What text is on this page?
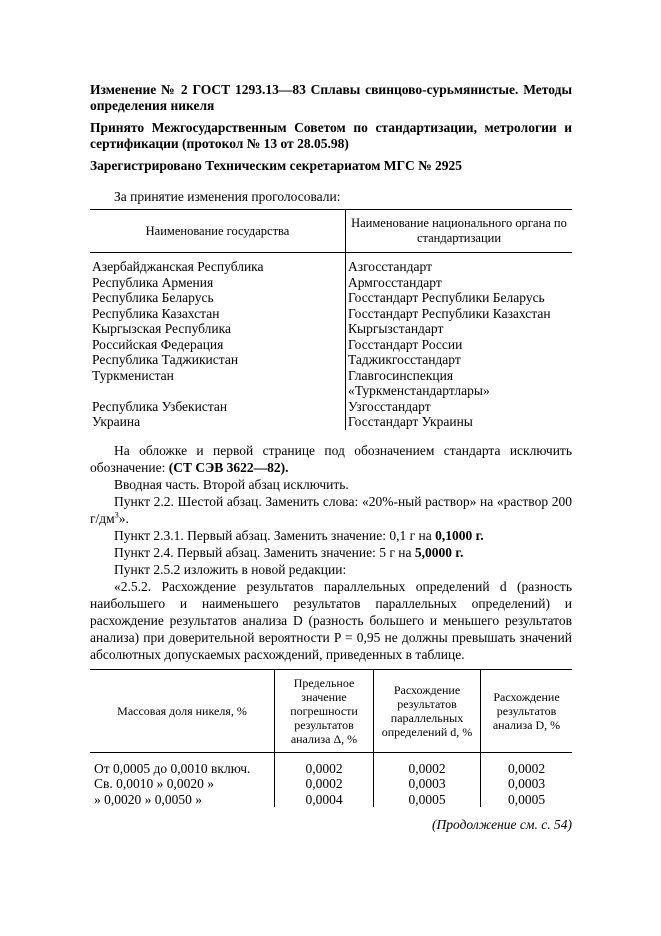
Изменение № 2 ГОСТ 1293.13—83 Сплавы свинцово-сурьмянистые. Методы определения никеля

Принято Межгосударственным Советом по стандартизации, метрологии и сертификации (протокол № 13 от 28.05.98)

Зарегистрировано Техническим секретариатом МГС № 2925

За принятие изменения проголосовали:

Наименование государства	Наименование национального органа по стандартизации
Азербайджанская Республика	Азгосстандарт
Республика Армения	Армгосстандарт
Республика Беларусь	Госстандарт Республики Беларусь
Республика Казахстан	Госстандарт Республики Казахстан
Кыргызская Республика	Кыргызстандарт
Российская Федерация	Госстандарт России
Республика Таджикистан	Таджикгосстандарт
Туркменистан	Главгосинспекция «Туркменстандартлары»
Республика Узбекистан	Узгосстандарт
Украина	Госстандарт Украины

На обложке и первой странице под обозначением стандарта исключить обозначение: (СТ СЭВ 3622—82).

Вводная часть. Второй абзац исключить.

Пункт 2.2. Шестой абзац. Заменить слова: «20%-ный раствор» на «раствор 200 $г/дм^3$».

Пункт 2.3.1. Первый абзац. Заменить значение: 0,1 г на 0,1000 г.

Пункт 2.4. Первый абзац. Заменить значение: 5 г на 5,0000 г.

Пункт 2.5.2 изложить в новой редакции:

«2.5.2. Расхождение результатов параллельных определений d (разность наибольшего и наименьшего результатов параллельных определений) и расхождение результатов анализа D (разность большего и меньшего результатов анализа) при доверительной вероятности P = 0,95 не должны превышать значений абсолютных допускаемых расхождений, приведенных в таблице.

Массовая доля никеля, %	Предельное значение погрешности результатов анализа Δ, %	Расхождение результатов параллельных определений d, %	Расхождение результатов анализа D, %
От 0,0005 до 0,0010 включ.	0,0002	0,0002	0,0002
Св. 0,0010 » 0,0020 »	0,0002	0,0003	0,0003
» 0,0020 » 0,0050 »	0,0004	0,0005	0,0005

(Продолжение см. с. 54)
